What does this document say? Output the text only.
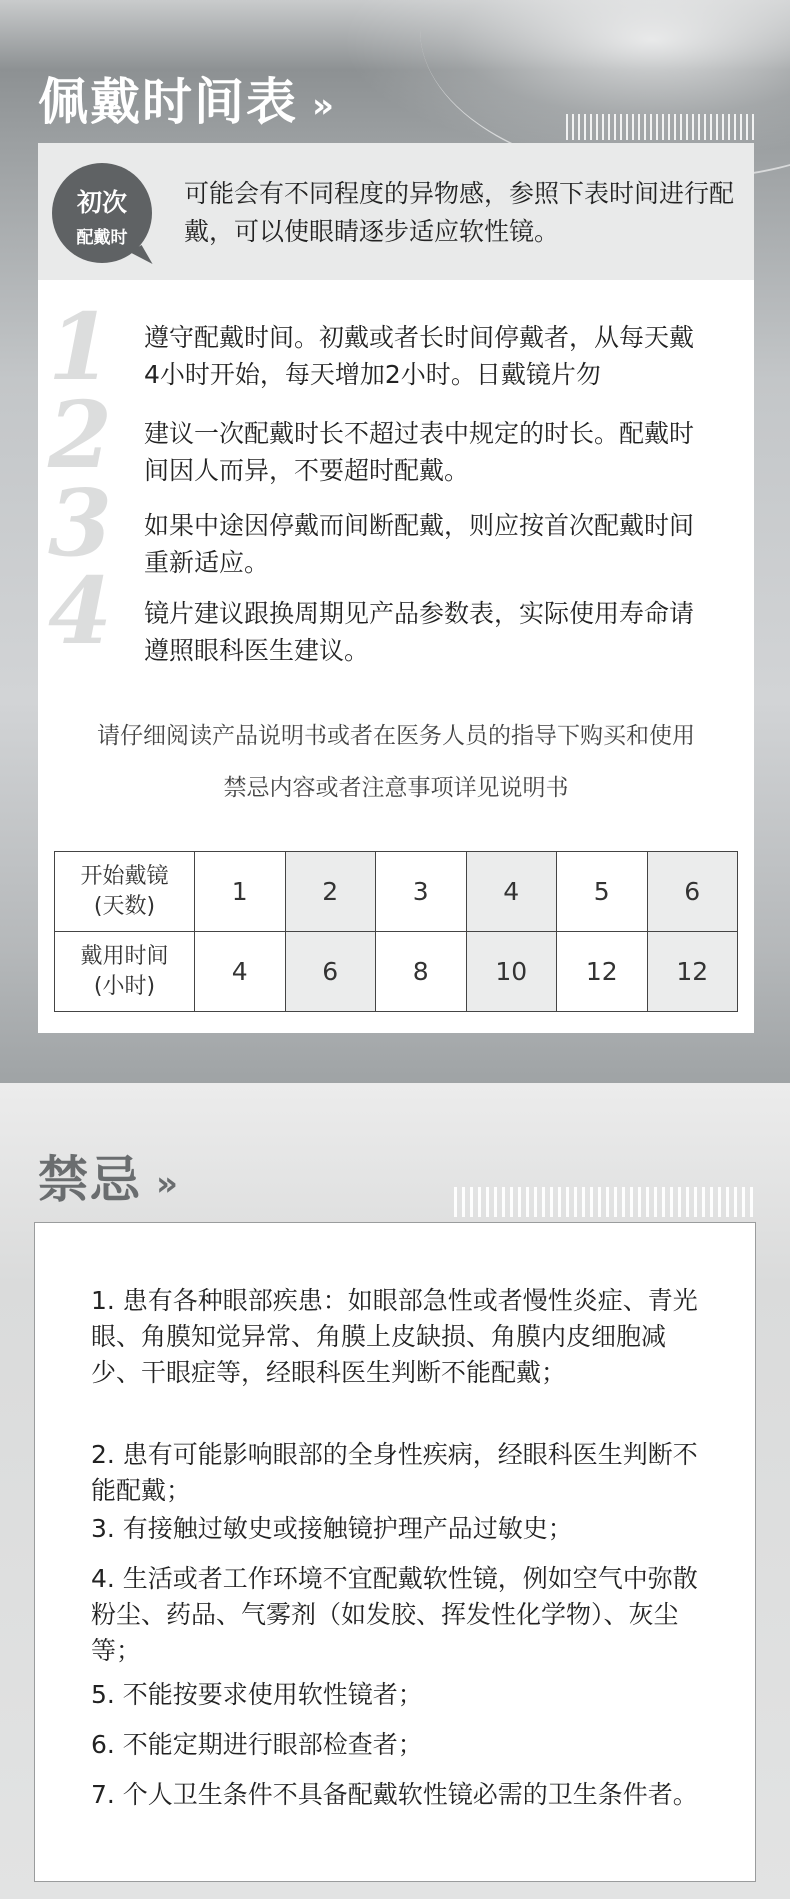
佩戴时间表 ››
初次
配戴时
可能会有不同程度的异物感，参照下表时间进行配戴，可以使眼睛逐步适应软性镜。
1
2
3
4
遵守配戴时间。初戴或者长时间停戴者，从每天戴4小时开始，每天增加2小时。日戴镜片勿
建议一次配戴时长不超过表中规定的时长。配戴时间因人而异，不要超时配戴。
如果中途因停戴而间断配戴，则应按首次配戴时间重新适应。
镜片建议跟换周期见产品参数表，实际使用寿命请遵照眼科医生建议。
请仔细阅读产品说明书或者在医务人员的指导下购买和使用
禁忌内容或者注意事项详见说明书
开始戴镜
(天数)	1	2	3	4	5	6
戴用时间
(小时)	4	6	8	10	12	12
禁忌 ››
1. 患有各种眼部疾患：如眼部急性或者慢性炎症、青光眼、角膜知觉异常、角膜上皮缺损、角膜内皮细胞减少、干眼症等，经眼科医生判断不能配戴；
2. 患有可能影响眼部的全身性疾病，经眼科医生判断不能配戴；
3. 有接触过敏史或接触镜护理产品过敏史；
4. 生活或者工作环境不宜配戴软性镜，例如空气中弥散粉尘、药品、气雾剂（如发胶、挥发性化学物）、灰尘等；
5. 不能按要求使用软性镜者；
6. 不能定期进行眼部检查者；
7. 个人卫生条件不具备配戴软性镜必需的卫生条件者。
